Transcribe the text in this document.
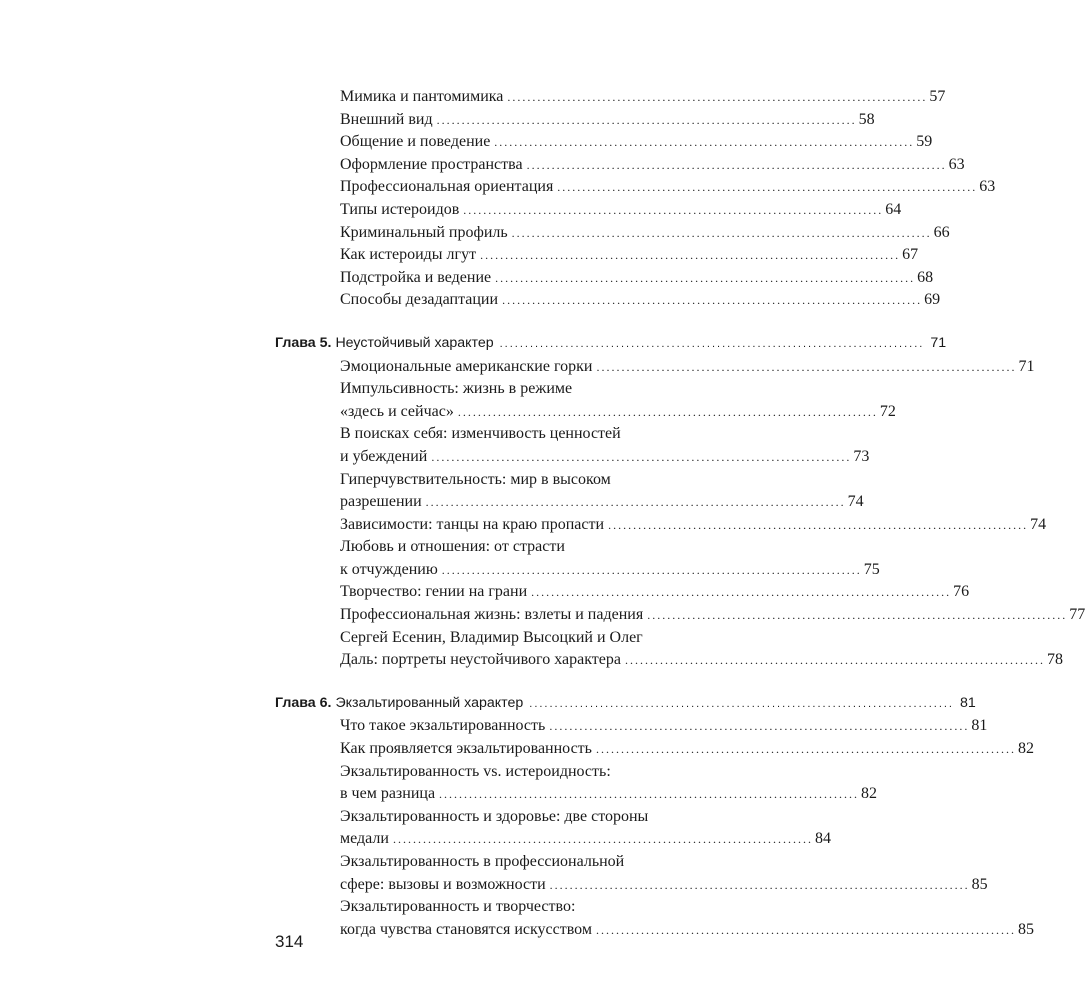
Мимика и пантомимика .................................................................................... 57
Внешний вид .................................................................................... 58
Общение и поведение .................................................................................... 59
Оформление пространства .................................................................................... 63
Профессиональная ориентация .................................................................................... 63
Типы истероидов .................................................................................... 64
Криминальный профиль .................................................................................... 66
Как истероиды лгут .................................................................................... 67
Подстройка и ведение .................................................................................... 68
Способы дезадаптации .................................................................................... 69
Глава 5. Неустойчивый характер .................................................................................... 71
Эмоциональные американские горки .................................................................................... 71
Импульсивность: жизнь в режиме
«здесь и сейчас» .................................................................................... 72
В поисках себя: изменчивость ценностей
и убеждений .................................................................................... 73
Гиперчувствительность: мир в высоком
разрешении .................................................................................... 74
Зависимости: танцы на краю пропасти .................................................................................... 74
Любовь и отношения: от страсти
к отчуждению .................................................................................... 75
Творчество: гении на грани .................................................................................... 76
Профессиональная жизнь: взлеты и падения .................................................................................... 77
Сергей Есенин, Владимир Высоцкий и Олег
Даль: портреты неустойчивого характера .................................................................................... 78
Глава 6. Экзальтированный характер .................................................................................... 81
Что такое экзальтированность .................................................................................... 81
Как проявляется экзальтированность .................................................................................... 82
Экзальтированность vs. истероидность:
в чем разница .................................................................................... 82
Экзальтированность и здоровье: две стороны
медали .................................................................................... 84
Экзальтированность в профессиональной
сфере: вызовы и возможности .................................................................................... 85
Экзальтированность и творчество:
когда чувства становятся искусством .................................................................................... 85
314
